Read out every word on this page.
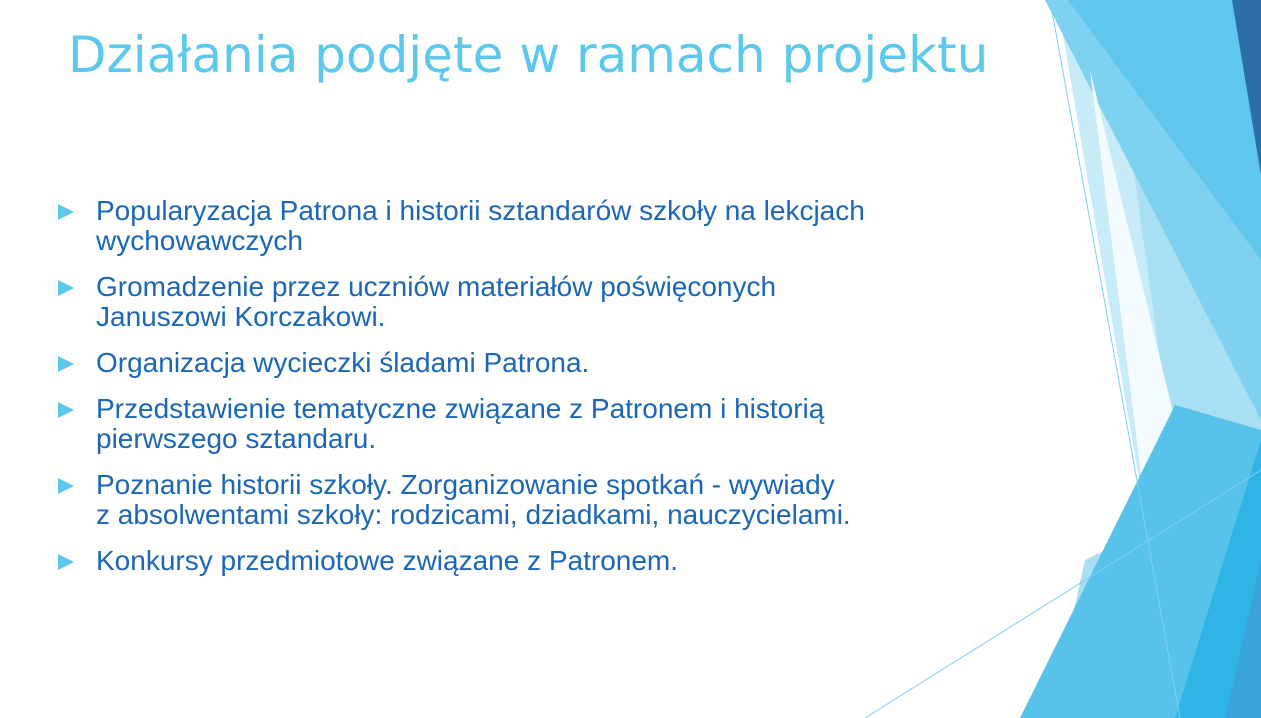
Działania podjęte w ramach projektu
Popularyzacja Patrona i historii sztandarów szkoły na lekcjach
wychowawczych
Gromadzenie przez uczniów materiałów poświęconych
Januszowi Korczakowi.
Organizacja wycieczki śladami Patrona.
Przedstawienie tematyczne związane z Patronem i historią
pierwszego sztandaru.
Poznanie historii szkoły. Zorganizowanie spotkań - wywiady
z absolwentami szkoły: rodzicami, dziadkami, nauczycielami.
Konkursy przedmiotowe związane z Patronem.
